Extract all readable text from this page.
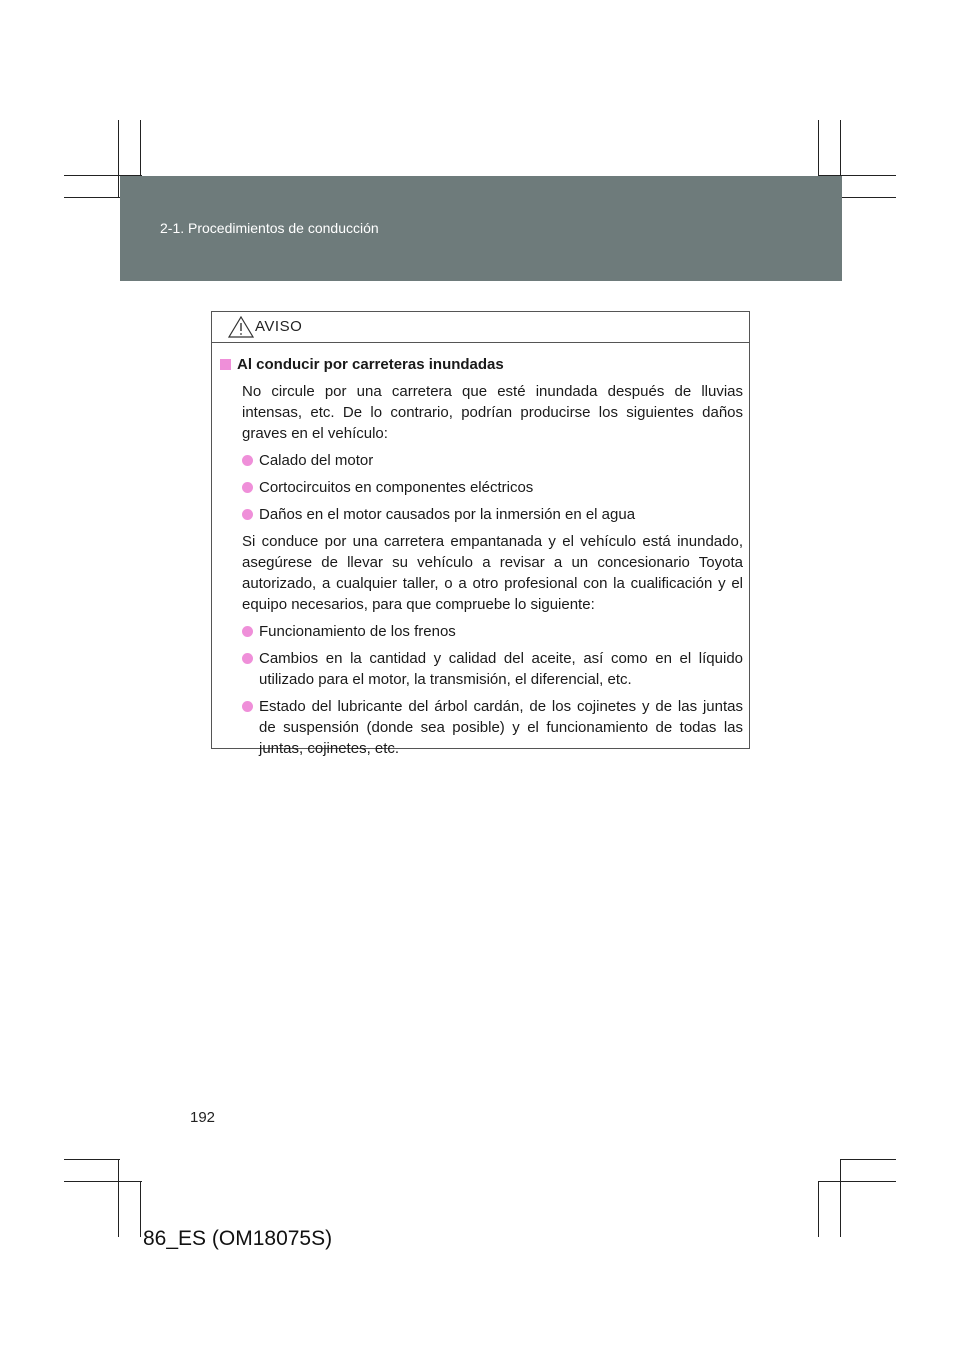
2-1. Procedimientos de conducción
AVISO
Al conducir por carreteras inundadas
No circule por una carretera que esté inundada después de lluvias intensas, etc. De lo contrario, podrían producirse los siguientes daños graves en el vehículo:
Calado del motor
Cortocircuitos en componentes eléctricos
Daños en el motor causados por la inmersión en el agua
Si conduce por una carretera empantanada y el vehículo está inundado, asegúrese de llevar su vehículo a revisar a un concesionario Toyota autorizado, a cualquier taller, o a otro profesional con la cualificación y el equipo necesarios, para que compruebe lo siguiente:
Funcionamiento de los frenos
Cambios en la cantidad y calidad del aceite, así como en el líquido utilizado para el motor, la transmisión, el diferencial, etc.
Estado del lubricante del árbol cardán, de los cojinetes y de las juntas de suspensión (donde sea posible) y el funcionamiento de todas las juntas, cojinetes, etc.
192
86_ES (OM18075S)
